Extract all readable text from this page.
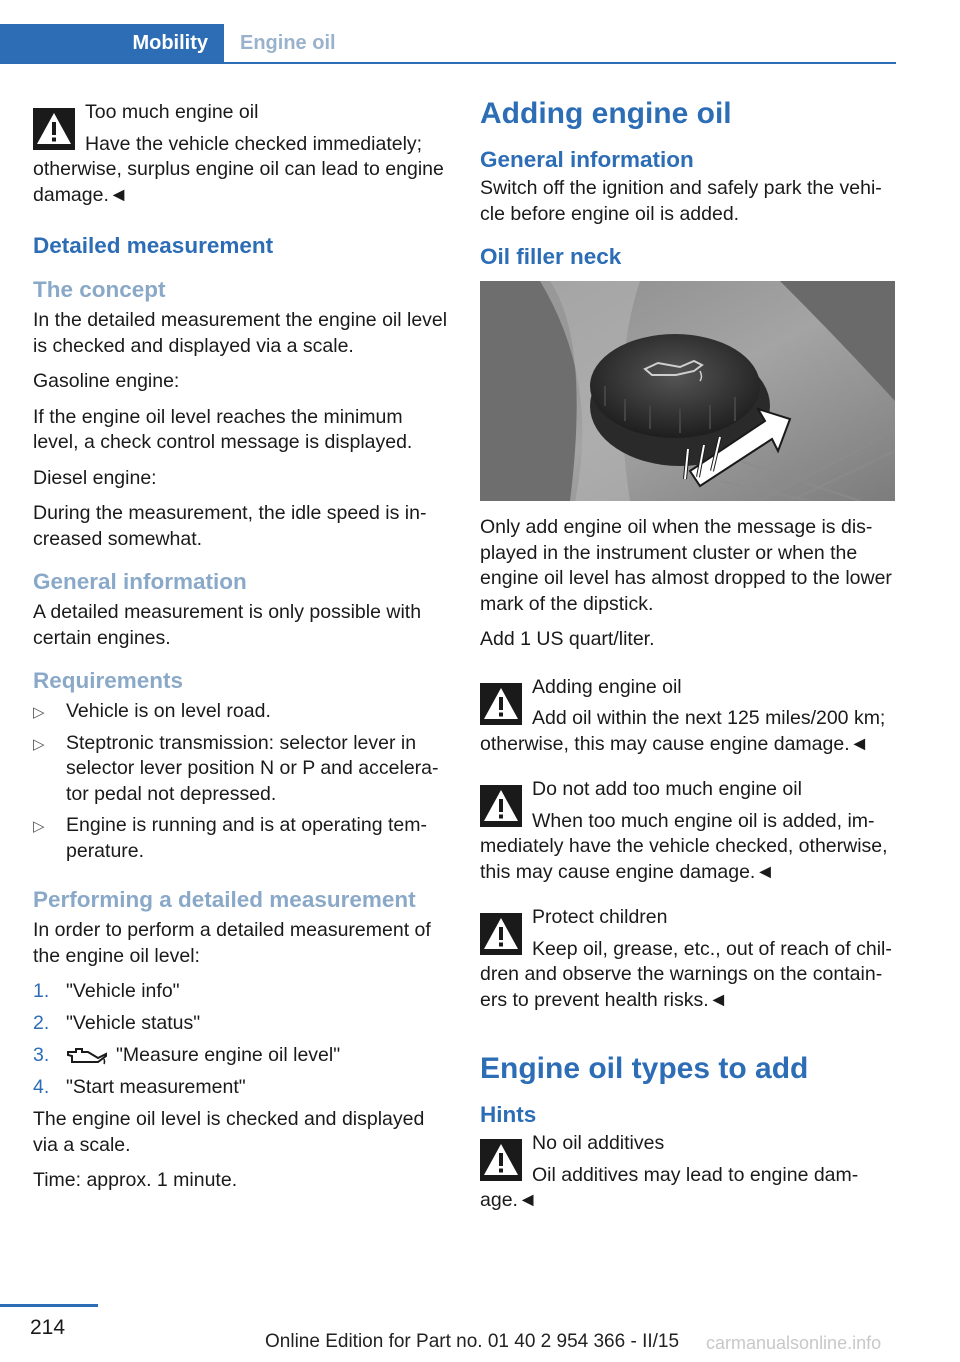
Mobility	Engine oil
Too much engine oil
Have the vehicle checked immediately; otherwise, surplus engine oil can lead to engine damage.◄
Detailed measurement
The concept

In the detailed measurement the engine oil level is checked and displayed via a scale.

Gasoline engine:

If the engine oil level reaches the minimum level, a check control message is displayed.

Diesel engine:

During the measurement, the idle speed is increased somewhat.

General information

A detailed measurement is only possible with certain engines.

Requirements
▷ Vehicle is on level road.
▷ Steptronic transmission: selector lever in selector lever position N or P and accelerator pedal not depressed.
▷ Engine is running and is at operating temperature.
Performing a detailed measurement

In order to perform a detailed measurement of the engine oil level:

1. "Vehicle info"
2. "Vehicle status"
3.	"Measure engine oil level"
4. "Start measurement"

The engine oil level is checked and displayed via a scale.

Time: approx. 1 minute.

Adding engine oil
General information

Switch off the ignition and safely park the vehicle before engine oil is added.

Oil filler neck

Only add engine oil when the message is displayed in the instrument cluster or when the engine oil level has almost dropped to the lower mark of the dipstick.

Add 1 US quart/liter.

Adding engine oil
Add oil within the next 125 miles/200 km; otherwise, this may cause engine damage.◄
Do not add too much engine oil
When too much engine oil is added, immediately have the vehicle checked, otherwise, this may cause engine damage.◄
Protect children
Keep oil, grease, etc., out of reach of children and observe the warnings on the containers to prevent health risks.◄
Engine oil types to add
Hints
No oil additives
Oil additives may lead to engine damage.◄
214
Online Edition for Part no. 01 40 2 954 366 - II/15 carmanualsonline.info
